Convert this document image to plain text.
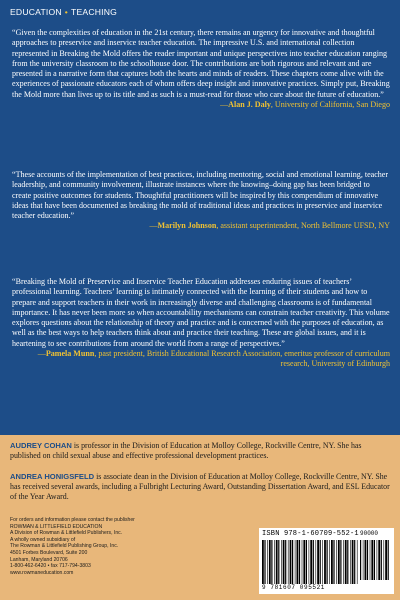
EDUCATION • TEACHING
“Given the complexities of education in the 21st century, there remains an urgency for innovative and thoughtful approaches to preservice and inservice teacher education. The impressive U.S. and international collection represented in Breaking the Mold offers the reader important and unique perspectives into teacher education ranging from the university classroom to the schoolhouse door. The contributions are both rigorous and relevant and are presented in a narrative form that captures both the hearts and minds of readers. These chapters come alive with the experiences of passionate educators each of whom offers deep insight and innovative practices. Simply put, Breaking the Mold more than lives up to its title and as such is a must-read for those who care about the future of education.”
—Alan J. Daly, University of California, San Diego
“These accounts of the implementation of best practices, including mentoring, social and emotional learning, teacher leadership, and community involvement, illustrate instances where the knowing–doing gap has been bridged to create positive outcomes for students. Thoughtful practitioners will be inspired by this compendium of innovative ideas that have been documented as breaking the mold of traditional ideas and practices in preservice and inservice teacher education.”
—Marilyn Johnson, assistant superintendent, North Bellmore UFSD, NY
“Breaking the Mold of Preservice and Inservice Teacher Education addresses enduring issues of teachers’ professional learning. Teachers’ learning is intimately connected with the learning of their students and how to prepare and support teachers in their work in increasingly diverse and challenging classrooms is of fundamental importance. It has never been more so when accountability mechanisms can constrain teacher creativity. This volume explores questions about the relationship of theory and practice and is concerned with the purposes of education, as well as the best ways to help teachers think about and practice their teaching. These are global issues, and it is heartening to see contributions from around the world from a range of perspectives.”
—Pamela Munn, past president, British Educational Research Association, emeritus professor of curriculum research, University of Edinburgh
AUDREY COHAN is professor in the Division of Education at Molloy College, Rockville Centre, NY. She has published on child sexual abuse and effective professional development practices.
ANDREA HONIGSFELD is associate dean in the Division of Education at Molloy College, Rockville Centre, NY. She has received several awards, including a Fulbright Lecturing Award, Outstanding Dissertation Award, and ESL Educator of the Year Award.
For orders and information please contact the publisher
ROWMAN & LITTLEFIELD EDUCATION
A Division of Rowman & Littlefield Publishers, Inc.
A wholly owned subsidiary of
The Rowman & Littlefield Publishing Group, Inc.
4501 Forbes Boulevard, Suite 200
Lanham, Maryland 20706
1-800-462-6420 • fax 717-794-3803
www.rowmaneducation.com
ISBN 978-1-60709-552-1 90000
9 781607 095521
